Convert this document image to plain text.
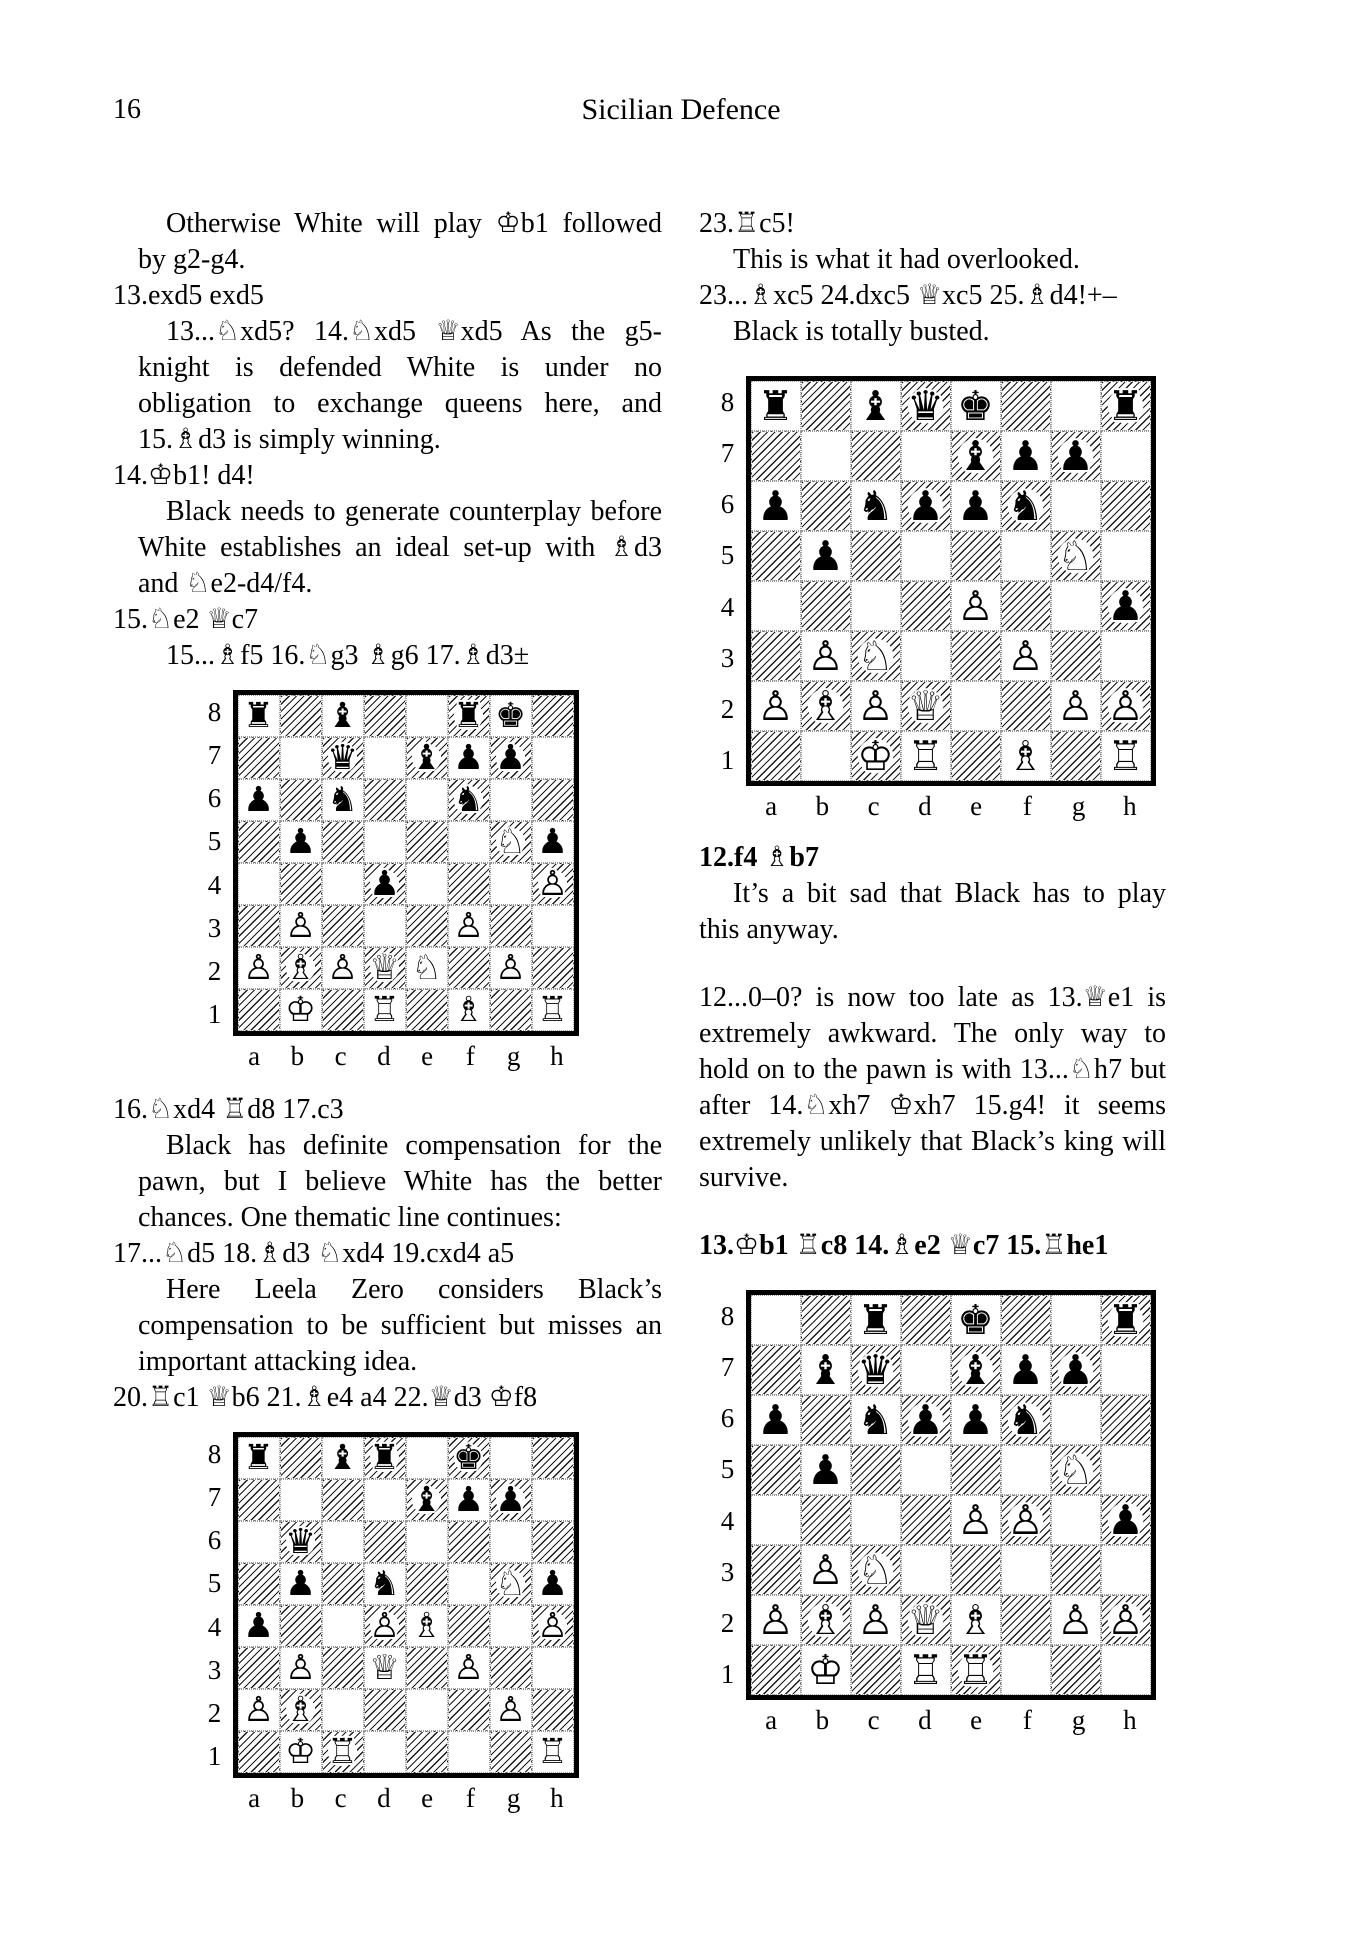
16	Sicilian Defence

Otherwise White will play ♔b1 followed by g2-g4.

13.exd5 exd5

13...♘xd5? 14.♘xd5 ♕xd5 As the g5-knight is defended White is under no obligation to exchange queens here, and 15.♗d3 is simply winning.

14.♔b1! d4!

Black needs to generate counterplay before White establishes an ideal set-up with ♗d3 and ♘e2-d4/f4.

15.♘e2 ♕c7

15...♗f5 16.♘g3 ♗g6 17.♗d3±

8
7
6
5
4
3
2
1
♜ ♝	♜ ♚
♛ ♝ ♟ ♟
♟ ♞	♞
♟	♘ ♟
♟	♙
♙	♙
♙ ♗ ♙ ♕ ♘ ♙
♔ ♖ ♗ ♖
a	b	c	d	e	f	g	h

16.♘xd4 ♖d8 17.c3

Black has definite compensation for the pawn, but I believe White has the better chances. One thematic line continues:

17...♘d5 18.♗d3 ♘xd4 19.cxd4 a5

Here Leela Zero considers Black’s compensation to be sufficient but misses an important attacking idea.

20.♖c1 ♕b6 21.♗e4 a4 22.♕d3 ♔f8

8
7
6
5
4
3
2
1
♜ ♝ ♜ ♚
♝ ♟ ♟
♛
♟ ♞	♘ ♟
♟	♙ ♗	♙
♙ ♕ ♙
♙ ♗	♙
♔ ♖	♖
a	b	c	d	e	f	g	h

23.♖c5!

This is what it had overlooked.

23...♗xc5 24.dxc5 ♕xc5 25.♗d4!+–

Black is totally busted.

8
7
6
5
4
3
2
1
♜ ♝ ♛ ♚	♜
♝ ♟ ♟
♟ ♞ ♟ ♟ ♞
♟	♘
♙	♟
♙ ♘	♙
♙ ♗ ♙ ♕	♙ ♙
♔ ♖ ♗ ♖
a	b	c	d	e	f	g	h

12.f4 ♗b7

It’s a bit sad that Black has to play this anyway.

12...0–0? is now too late as 13.♕e1 is extremely awkward. The only way to hold on to the pawn is with 13...♘h7 but after 14.♘xh7 ♔xh7 15.g4! it seems extremely unlikely that Black’s king will survive.

13.♔b1 ♖c8 14.♗e2 ♕c7 15.♖he1

8
7
6
5
4
3
2
1
♜ ♚	♜
♝ ♛ ♝ ♟ ♟
♟ ♞ ♟ ♟ ♞
♟	♘
♙ ♙ ♟
♙ ♘
♙ ♗ ♙ ♕ ♗ ♙ ♙
♔ ♖ ♖
a	b	c	d	e	f	g	h
